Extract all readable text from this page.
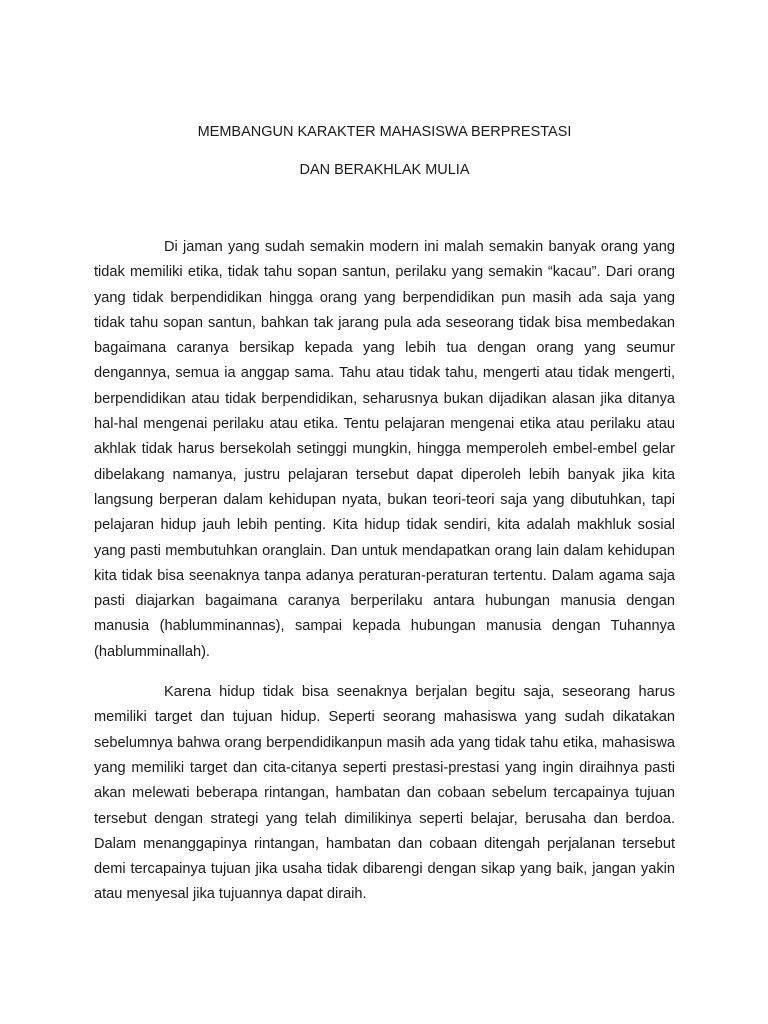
MEMBANGUN KARAKTER MAHASISWA BERPRESTASI
DAN BERAKHLAK MULIA

Di jaman yang sudah semakin modern ini malah semakin banyak orang yang tidak memiliki etika, tidak tahu sopan santun, perilaku yang semakin “kacau”. Dari orang yang tidak berpendidikan hingga orang yang berpendidikan pun masih ada saja yang tidak tahu sopan santun, bahkan tak jarang pula ada seseorang tidak bisa membedakan bagaimana caranya bersikap kepada yang lebih tua dengan orang yang seumur dengannya, semua ia anggap sama. Tahu atau tidak tahu, mengerti atau tidak mengerti, berpendidikan atau tidak berpendidikan, seharusnya bukan dijadikan alasan jika ditanya hal-hal mengenai perilaku atau etika. Tentu pelajaran mengenai etika atau perilaku atau akhlak tidak harus bersekolah setinggi mungkin, hingga memperoleh embel-embel gelar dibelakang namanya, justru pelajaran tersebut dapat diperoleh lebih banyak jika kita langsung berperan dalam kehidupan nyata, bukan teori-teori saja yang dibutuhkan, tapi pelajaran hidup jauh lebih penting. Kita hidup tidak sendiri, kita adalah makhluk sosial yang pasti membutuhkan oranglain. Dan untuk mendapatkan orang lain dalam kehidupan kita tidak bisa seenaknya tanpa adanya peraturan-peraturan tertentu. Dalam agama saja pasti diajarkan bagaimana caranya berperilaku antara hubungan manusia dengan manusia (hablumminannas), sampai kepada hubungan manusia dengan Tuhannya (hablumminallah).

Karena hidup tidak bisa seenaknya berjalan begitu saja, seseorang harus memiliki target dan tujuan hidup. Seperti seorang mahasiswa yang sudah dikatakan sebelumnya bahwa orang berpendidikanpun masih ada yang tidak tahu etika, mahasiswa yang memiliki target dan cita-citanya seperti prestasi-prestasi yang ingin diraihnya pasti akan melewati beberapa rintangan, hambatan dan cobaan sebelum tercapainya tujuan tersebut dengan strategi yang telah dimilikinya seperti belajar, berusaha dan berdoa. Dalam menanggapinya rintangan, hambatan dan cobaan ditengah perjalanan tersebut demi tercapainya tujuan jika usaha tidak dibarengi dengan sikap yang baik, jangan yakin atau menyesal jika tujuannya dapat diraih.
